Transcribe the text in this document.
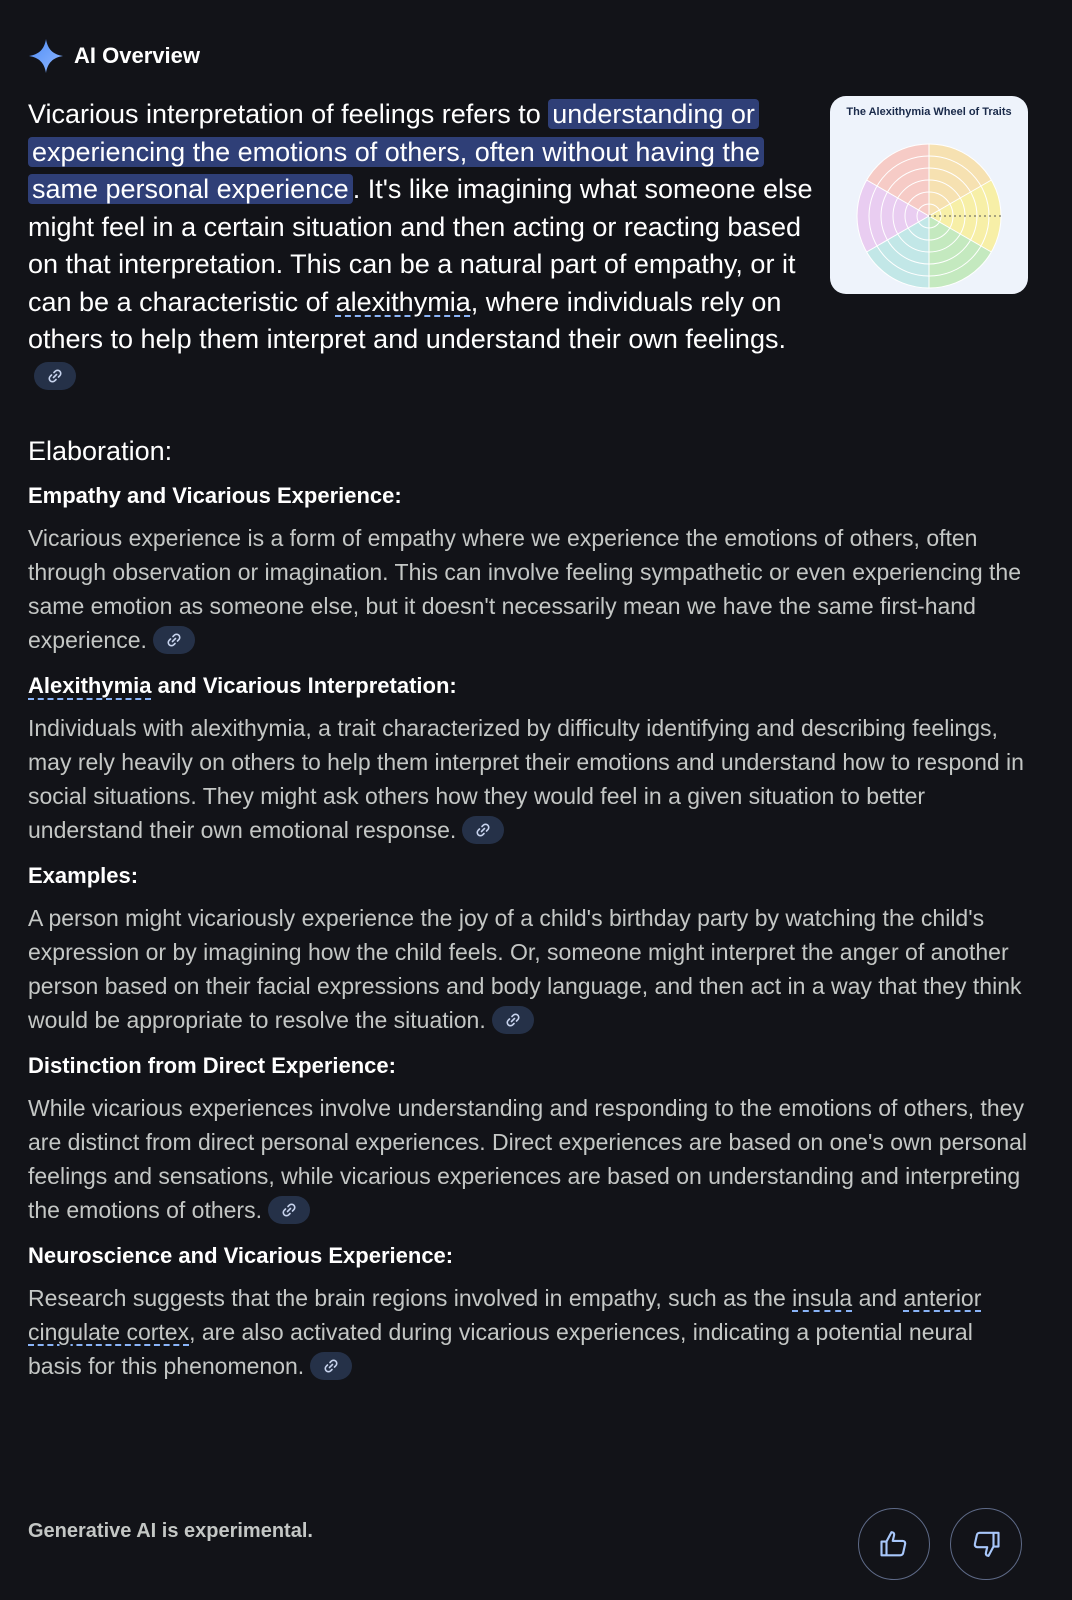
AI Overview
The Alexithymia Wheel of Traits

Vicarious interpretation of feelings refers to understanding or experiencing the emotions of others, often without having the same personal experience . It's like imagining what someone else might feel in a certain situation and then acting or reacting based on that interpretation. This can be a natural part of empathy, or it can be a characteristic of alexithymia, where individuals rely on others to help them interpret and understand their own feelings.

Elaboration:
Empathy and Vicarious Experience:
Vicarious experience is a form of empathy where we experience the emotions of others, often through observation or imagination. This can involve feeling sympathetic or even experiencing the same emotion as someone else, but it doesn't necessarily mean we have the same first-hand experience.
Alexithymia and Vicarious Interpretation:
Individuals with alexithymia, a trait characterized by difficulty identifying and describing feelings, may rely heavily on others to help them interpret their emotions and understand how to respond in social situations. They might ask others how they would feel in a given situation to better understand their own emotional response.
Examples:
A person might vicariously experience the joy of a child's birthday party by watching the child's expression or by imagining how the child feels. Or, someone might interpret the anger of another person based on their facial expressions and body language, and then act in a way that they think would be appropriate to resolve the situation.
Distinction from Direct Experience:
While vicarious experiences involve understanding and responding to the emotions of others, they are distinct from direct personal experiences. Direct experiences are based on one's own personal feelings and sensations, while vicarious experiences are based on understanding and interpreting the emotions of others.
Neuroscience and Vicarious Experience:
Research suggests that the brain regions involved in empathy, such as the insula and anterior cingulate cortex, are also activated during vicarious experiences, indicating a potential neural basis for this phenomenon.
Generative AI is experimental.
